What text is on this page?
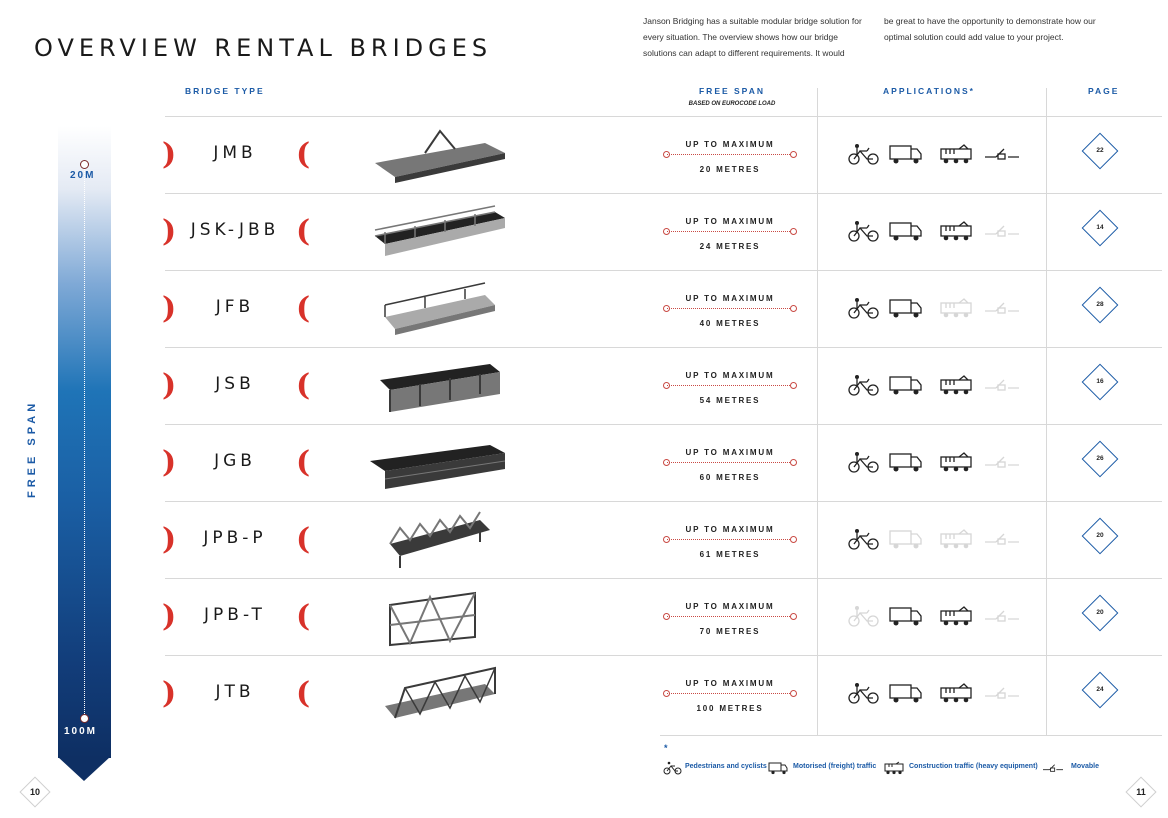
OVERVIEW RENTAL BRIDGES
Janson Bridging has a suitable modular bridge solution for every situation. The overview shows how our bridge solutions can adapt to different requirements. It would
be great to have the opportunity to demonstrate how our optimal solution could add value to your project.
BRIDGE TYPE	FREE SPAN
BASED ON EUROCODE LOAD
APPLICATIONS*	PAGE
20M
100M
FREE SPAN
)	JMB	(	UP TO MAXIMUM
20 METRES
22
) JSK-JBB (	UP TO MAXIMUM
24 METRES
14
)	JFB	(	UP TO MAXIMUM
40 METRES
28
)	JSB	(	UP TO MAXIMUM
54 METRES
16
)	JGB	(	UP TO MAXIMUM
60 METRES
26
)	JPB-P (	UP TO MAXIMUM
61 METRES
20
)	JPB-T	(	UP TO MAXIMUM
70 METRES
20
)	JTB	(	UP TO MAXIMUM
100 METRES
24
*
Pedestrians and cyclists	Motorised (freight) traffic	Construction traffic (heavy equipment)	Movable
10	11
